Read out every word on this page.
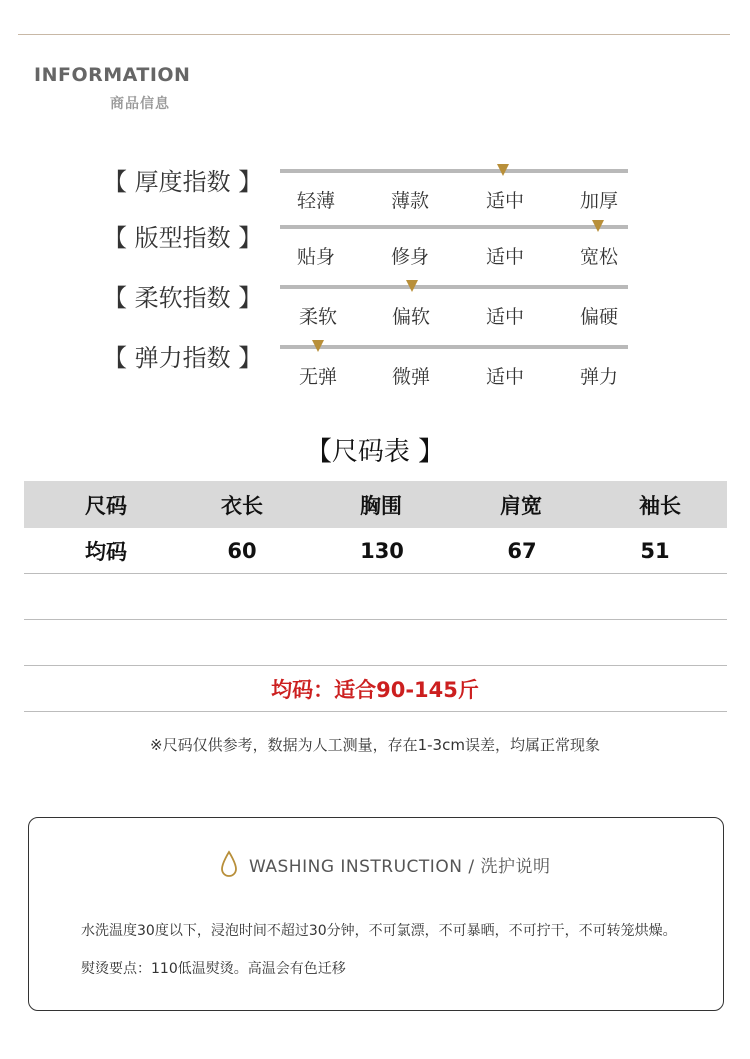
INFORMATION
商品信息
【 厚度指数 】
轻薄	薄款	适中	加厚
【 版型指数 】
贴身	修身	适中	宽松
【 柔软指数 】
柔软	偏软	适中	偏硬
【 弹力指数 】
无弹	微弹	适中	弹力
【尺码表 】
尺码	衣长	胸围	肩宽	袖长
均码	60	130	67	51
均码：适合90-145斤
※尺码仅供参考，数据为人工测量，存在1-3cm误差，均属正常现象
WASHING INSTRUCTION / 洗护说明
水洗温度30度以下，浸泡时间不超过30分钟，不可氯漂，不可暴晒，不可拧干，不可转笼烘燥。
熨烫要点：110低温熨烫。高温会有色迁移
